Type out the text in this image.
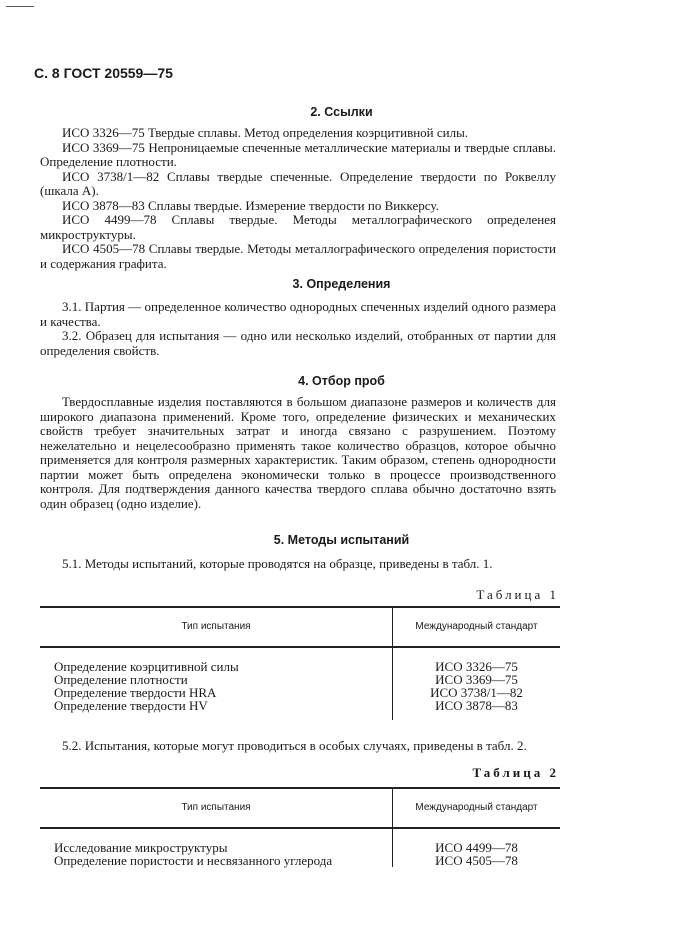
С. 8 ГОСТ 20559—75
2. Ссылки

ИСО 3326—75 Твердые сплавы. Метод определения коэрцитивной силы.

ИСО 3369—75 Непроницаемые спеченные металлические материалы и твердые сплавы. Определение плотности.

ИСО 3738/1—82 Сплавы твердые спеченные. Определение твердости по Роквеллу (шкала А).

ИСО 3878—83 Сплавы твердые. Измерение твердости по Виккерсу.

ИСО 4499—78 Сплавы твердые. Методы металлографического определенея микроструктуры.

ИСО 4505—78 Сплавы твердые. Методы металлографического определения пористости и содержания графита.

3. Определения

3.1. Партия — определенное количество однородных спеченных изделий одного размера и качества.

3.2. Образец для испытания — одно или несколько изделий, отобранных от партии для определения свойств.

4. Отбор проб

Твердосплавные изделия поставляются в большом диапазоне размеров и количеств для широкого диапазона применений. Кроме того, определение физических и механических свойств требует значительных затрат и иногда связано с разрушением. Поэтому нежелательно и нецелесообразно применять такое количество образцов, которое обычно применяется для контроля размерных характеристик. Таким образом, степень однородности партии может быть определена экономически только в процессе производственного контроля. Для подтверждения данного качества твердого сплава обычно достаточно взять один образец (одно изделие).

5. Методы испытаний

5.1. Методы испытаний, которые проводятся на образце, приведены в табл. 1.

Таблица 1
Тип испытания	Международный стандарт
Определение коэрцитивной силы	ИСО 3326—75
Определение плотности	ИСО 3369—75
Определение твердости HRA	ИСО 3738/1—82
Определение твердости HV	ИСО 3878—83

5.2. Испытания, которые могут проводиться в особых случаях, приведены в табл. 2.

Таблица 2
Тип испытания	Международный стандарт
Исследование микроструктуры	ИСО 4499—78
Определение пористости и несвязанного углерода	ИСО 4505—78
